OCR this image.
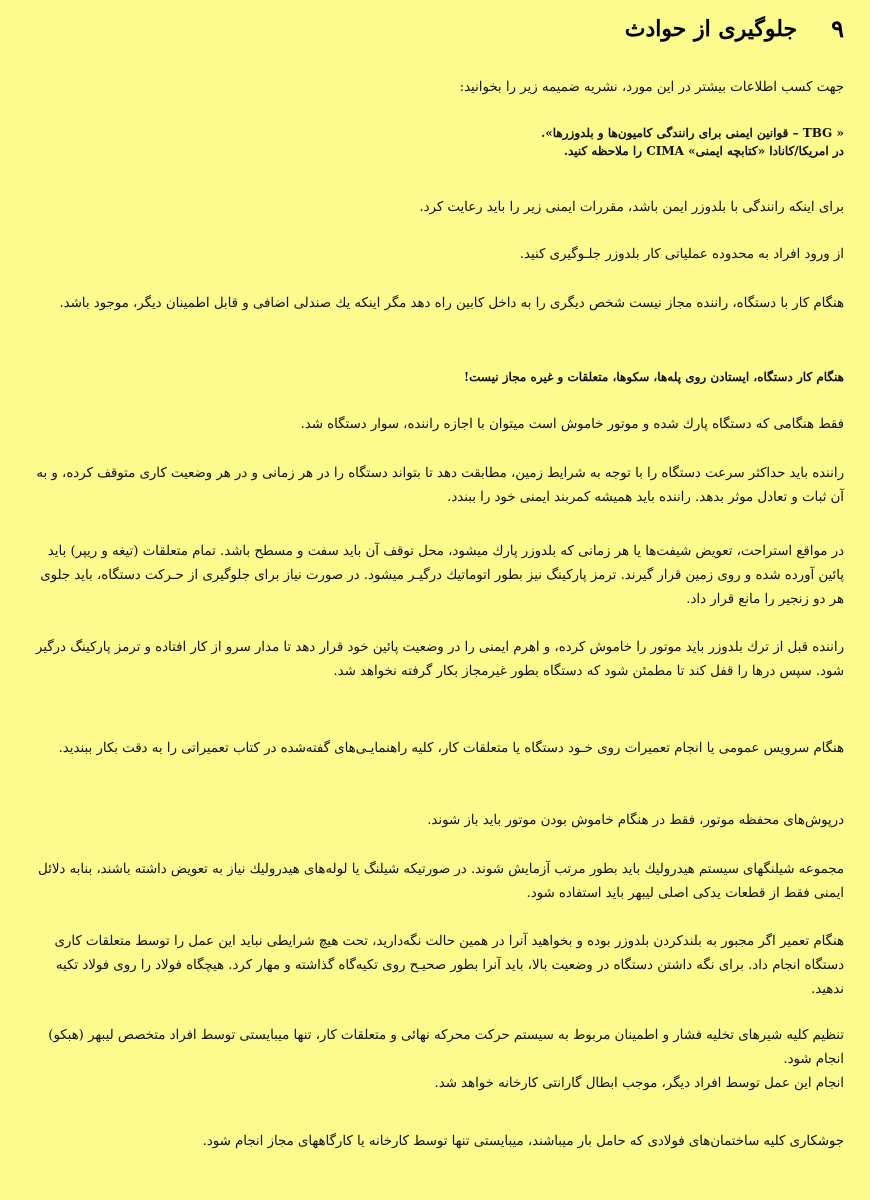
۹
جلوگیری از حوادث

جهت کسب اطلاعات بیشتر در این مورد، نشریه ضمیمه زیر را بخوانید:

« TBG – قوانین ایمنی برای رانندگی کامیون‌ها و بلدوزرها».

در امریکا/کانادا «کتابچه ایمنی» CIMA را ملاحظه کنید.

برای اینکه رانندگی با بلدوزر ایمن باشد، مقررات ایمنی زیر را باید رعایت کرد.

از ورود افراد به محدوده عملیاتی کار بلدوزر جلـوگیری کنید.

هنگام کار با دستگاه، راننده مجاز نیست شخص دیگری را به داخل کابین راه دهد مگر اینکه یك صندلی اضافی و قابل اطمینان دیگر، موجود باشد.

هنگام کار دستگاه، ایستادن روی پله‌ها، سکوها، متعلقات و غیره مجاز نیست!

فقط هنگامی که دستگاه پارك شده و موتور خاموش است میتوان با اجازه راننده، سوار دستگاه شد.

راننده باید حداکثر سرعت دستگاه را با توجه به شرایط زمین، مطابقت دهد تا بتواند دستگاه را در هر زمانی و در هر وضعیت کاری متوقف کرده، و به آن ثبات و تعادل موثر بدهد. راننده باید همیشه کمربند ایمنی خود را ببندد.

در مواقع استراحت، تعویض شیفت‌ها یا هر زمانی که بلدوزر پارك میشود، محل توقف آن باید سفت و مسطح باشد. تمام متعلقات (تیغه و ریپر) باید پائین آورده شده و روی زمین قرار گیرند. ترمز پارکینگ نیز بطور اتوماتیك درگیـر میشود. در صورت نیاز برای جلوگیری از حـرکت دستگاه، باید جلوی هر دو زنجیر را مانع قرار داد.

راننده قبل از ترك بلدوزر باید موتور را خاموش کرده، و اهرم ایمنی را در وضعیت پائین خود قرار دهد تا مدار سرو از کار افتاده و ترمز پارکینگ درگیر شود. سپس درها را قفل کند تا مطمئن شود که دستگاه بطور غیرمجاز بکار گرفته نخواهد شد.

هنگام سرویس عمومی یا انجام تعمیرات روی خـود دستگاه یا متعلقات کار، کلیه راهنمایـی‌های گفته‌شده در کتاب تعمیراتی را به دقت بکار ببندید.

درپوش‌های محفظه موتور، فقط در هنگام خاموش بودن موتور باید باز شوند.

مجموعه شیلنگهای سیستم هیدرولیك باید بطور مرتب آزمایش شوند. در صورتیکه شیلنگ یا لوله‌های هیدرولیك نیاز به تعویض داشته باشند، بنابه دلائل ایمنی فقط از قطعات یدکی اصلی لیبهر باید استفاده شود.

هنگام تعمیر اگر مجبور به بلندکردن بلدوزر بوده و بخواهید آنرا در همین حالت نگه‌دارید، تحت هیچ شرایطی نباید این عمل را توسط متعلقات کاری دستگاه انجام داد. برای نگه داشتن دستگاه در وضعیت بالا، باید آنرا بطور صحیـح روی تکیه‌گاه گذاشته و مهار کرد. هیچگاه فولاد را روی فولاد تکیه ندهید.

تنظیم کلیه شیرهای تخلیه فشار و اطمینان مربوط به سیستم حرکت محرکه نهائی و متعلقات کار، تنها میبایستی توسط افراد متخصص لیبهر (هبکو) انجام شود.

انجام این عمل توسط افراد دیگر، موجب ابطال گارانتی کارخانه خواهد شد.

جوشکاری کلیه ساختمان‌های فولادی که حامل بار میباشند، میبایستی تنها توسط کارخانه یا کارگاههای مجاز انجام شود.
